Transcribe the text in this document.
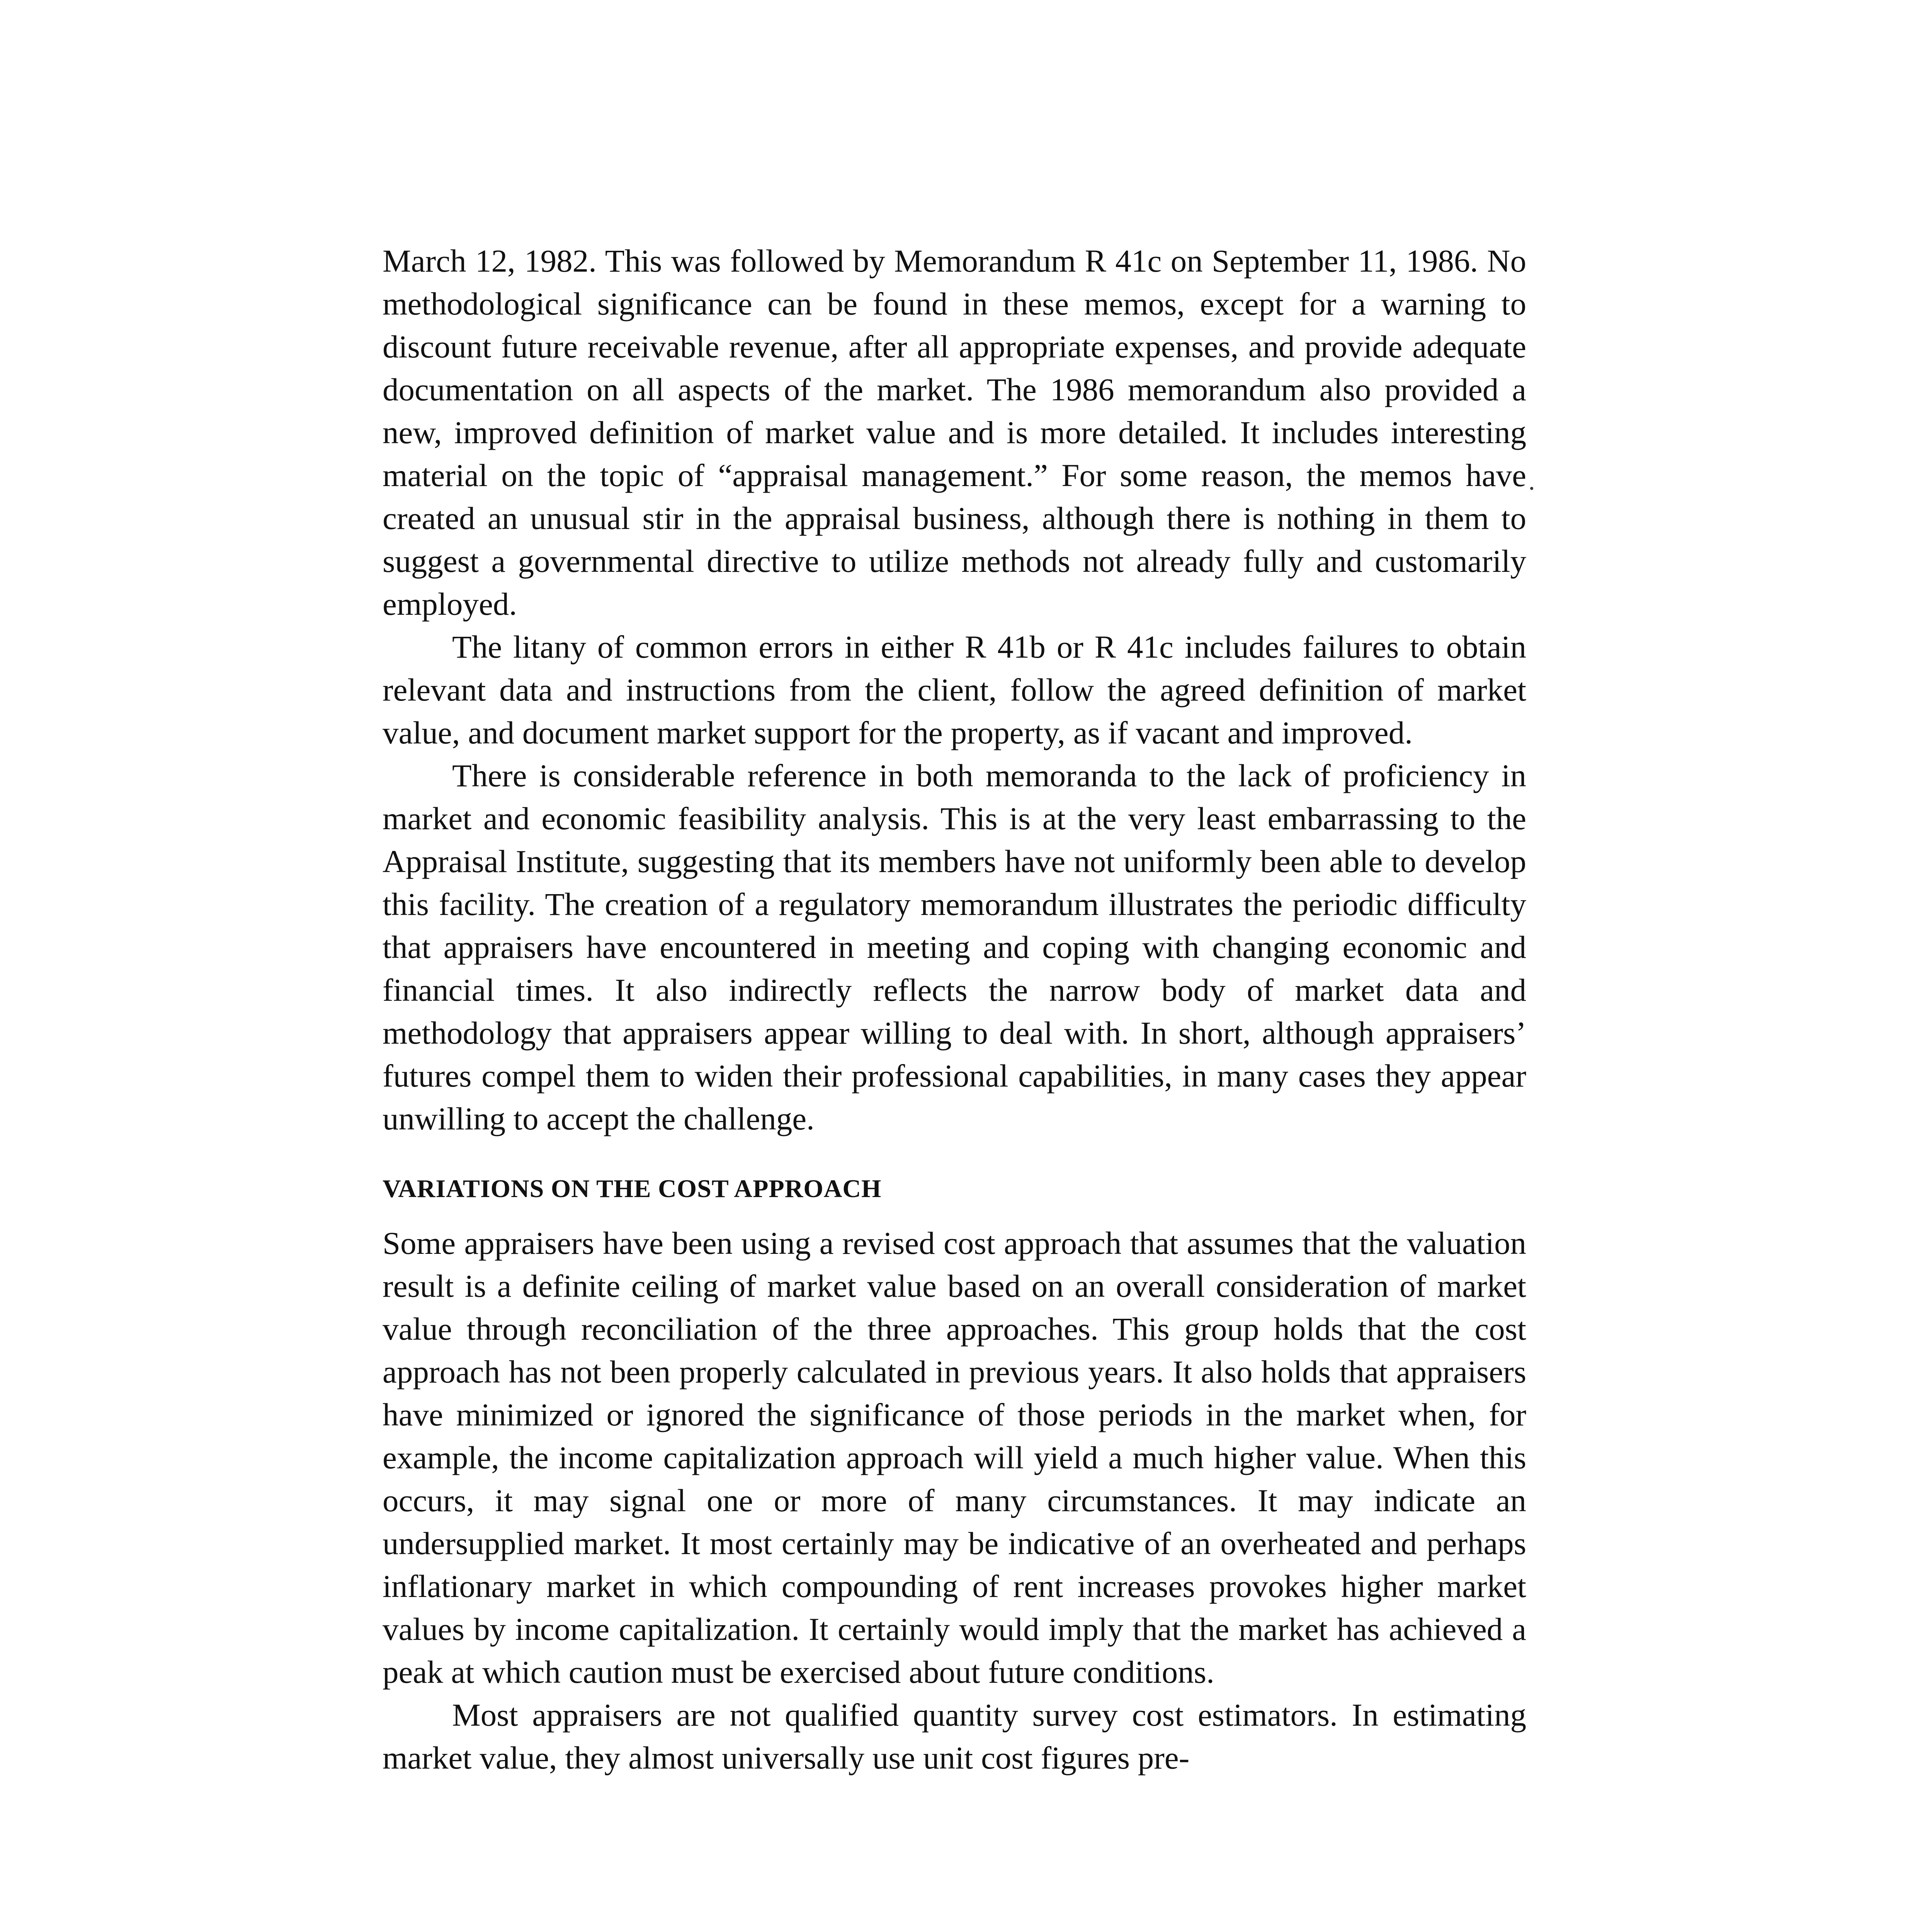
March 12, 1982. This was followed by Memorandum R 41c on September 11, 1986. No methodological significance can be found in these memos, except for a warning to discount future receivable revenue, after all appropriate expenses, and provide adequate documentation on all aspects of the market. The 1986 memorandum also provided a new, improved definition of market value and is more detailed. It includes interesting material on the topic of “appraisal management.” For some reason, the memos have created an unusual stir in the appraisal business, although there is nothing in them to suggest a governmental directive to utilize methods not already fully and customarily employed.

The litany of common errors in either R 41b or R 41c includes failures to obtain relevant data and instructions from the client, follow the agreed definition of market value, and document market support for the property, as if vacant and improved.

There is considerable reference in both memoranda to the lack of proficiency in market and economic feasibility analysis. This is at the very least embarrassing to the Appraisal Institute, suggesting that its members have not uniformly been able to develop this facility. The creation of a regulatory memorandum illustrates the periodic difficulty that appraisers have encountered in meeting and coping with changing economic and financial times. It also indirectly reflects the narrow body of market data and methodology that appraisers appear willing to deal with. In short, although appraisers’ futures compel them to widen their professional capabilities, in many cases they appear unwilling to accept the challenge.

VARIATIONS ON THE COST APPROACH

Some appraisers have been using a revised cost approach that assumes that the valuation result is a definite ceiling of market value based on an overall consideration of market value through reconciliation of the three approaches. This group holds that the cost approach has not been properly calculated in previous years. It also holds that appraisers have minimized or ignored the significance of those periods in the market when, for example, the income capitalization approach will yield a much higher value. When this occurs, it may signal one or more of many circumstances. It may indicate an undersupplied market. It most certainly may be indicative of an overheated and perhaps inflationary market in which compounding of rent increases provokes higher market values by income capitalization. It certainly would imply that the market has achieved a peak at which caution must be exercised about future conditions.

Most appraisers are not qualified quantity survey cost estimators. In estimating market value, they almost universally use unit cost figures pre-
